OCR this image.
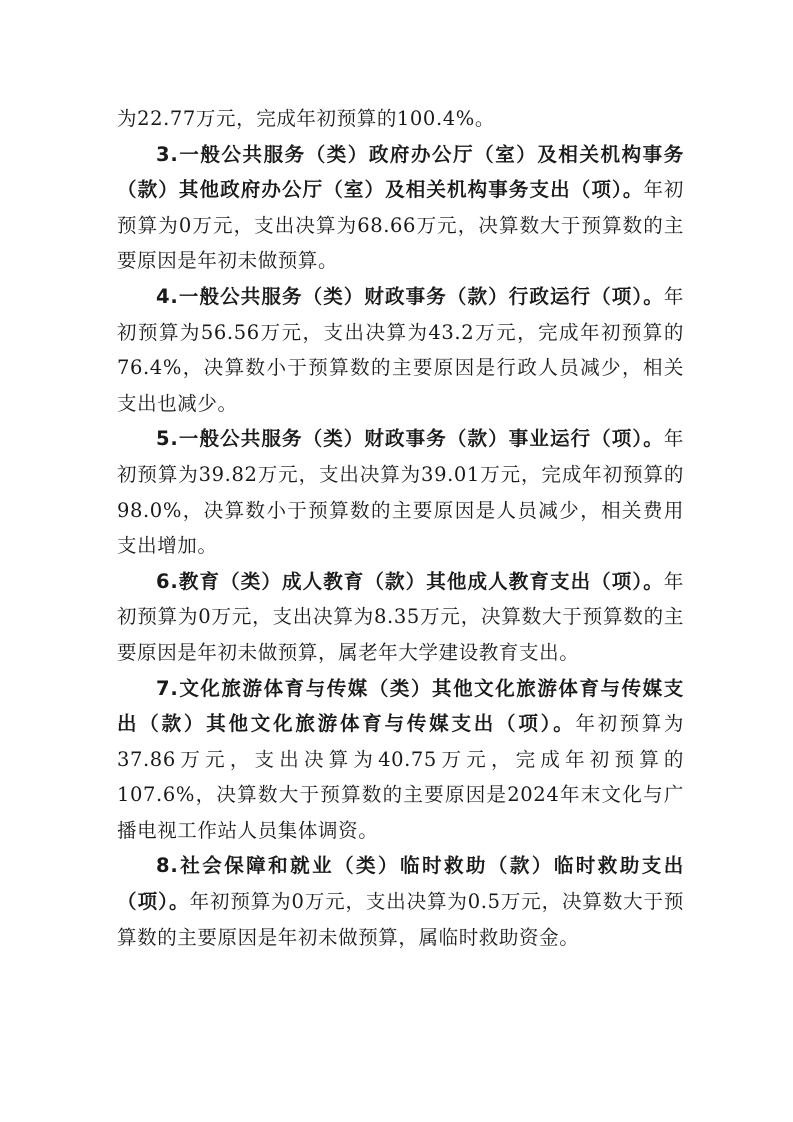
为22.77万元，完成年初预算的100.4%。

3.一般公共服务（类）政府办公厅（室）及相关机构事务（款）其他政府办公厅（室）及相关机构事务支出（项）。年初预算为0万元，支出决算为68.66万元，决算数大于预算数的主要原因是年初未做预算。

4.一般公共服务（类）财政事务（款）行政运行（项）。年初预算为56.56万元，支出决算为43.2万元，完成年初预算的76.4%，决算数小于预算数的主要原因是行政人员减少，相关支出也减少。

5.一般公共服务（类）财政事务（款）事业运行（项）。年初预算为39.82万元，支出决算为39.01万元，完成年初预算的98.0%，决算数小于预算数的主要原因是人员减少，相关费用支出增加。

6.教育（类）成人教育（款）其他成人教育支出（项）。年初预算为0万元，支出决算为8.35万元，决算数大于预算数的主要原因是年初未做预算，属老年大学建设教育支出。

7.文化旅游体育与传媒（类）其他文化旅游体育与传媒支出（款）其他文化旅游体育与传媒支出（项）。年初预算为37.86万元，支出决算为40.75万元，完成年初预算的107.6%，决算数大于预算数的主要原因是2024年末文化与广播电视工作站人员集体调资。

8.社会保障和就业（类）临时救助（款）临时救助支出（项）。年初预算为0万元，支出决算为0.5万元，决算数大于预算数的主要原因是年初未做预算，属临时救助资金。
